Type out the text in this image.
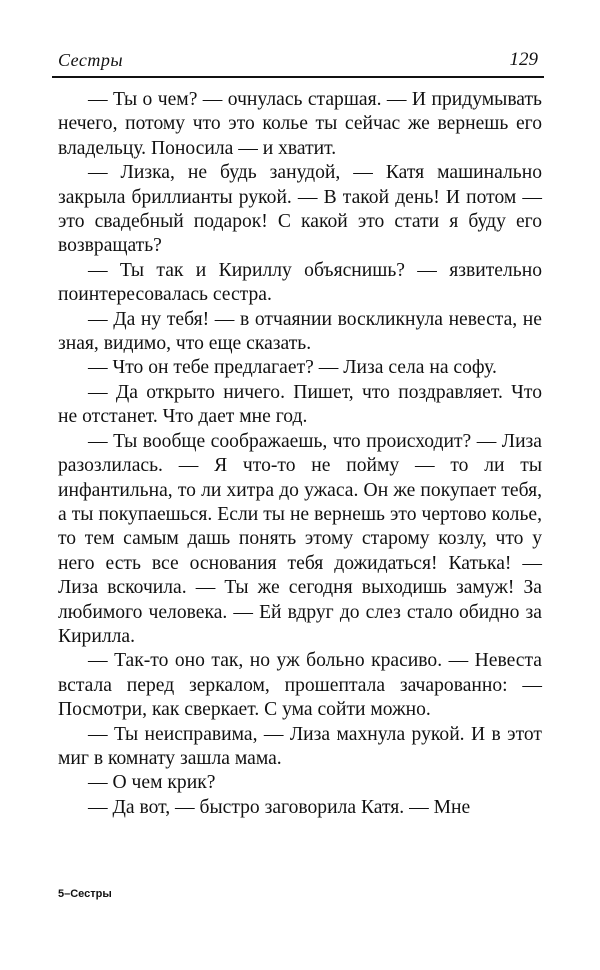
Сестры	129

— Ты о чем? — очнулась старшая. — И придумывать нечего, потому что это колье ты сейчас же вернешь его владельцу. Поносила — и хватит.

— Лизка, не будь занудой, — Катя машинально закрыла бриллианты рукой. — В такой день! И потом — это свадебный подарок! С какой это стати я буду его возвращать?

— Ты так и Кириллу объяснишь? — язвительно поинтересовалась сестра.

— Да ну тебя! — в отчаянии воскликнула невеста, не зная, видимо, что еще сказать.

— Что он тебе предлагает? — Лиза села на софу.

— Да открыто ничего. Пишет, что поздравляет. Что не отстанет. Что дает мне год.

— Ты вообще соображаешь, что происходит? — Лиза разозлилась. — Я что-то не пойму — то ли ты инфантильна, то ли хитра до ужаса. Он же покупает тебя, а ты покупаешься. Если ты не вернешь это чертово колье, то тем самым дашь понять этому старому козлу, что у него есть все основания тебя дожидаться! Катька! — Лиза вскочила. — Ты же сегодня выходишь замуж! За любимого человека. — Ей вдруг до слез стало обидно за Кирилла.

— Так-то оно так, но уж больно красиво. — Невеста встала перед зеркалом, прошептала зачарованно: — Посмотри, как сверкает. С ума сойти можно.

— Ты неисправима, — Лиза махнула рукой. И в этот миг в комнату зашла мама.

— О чем крик?

— Да вот, — быстро заговорила Катя. — Мне

5–Сестры
